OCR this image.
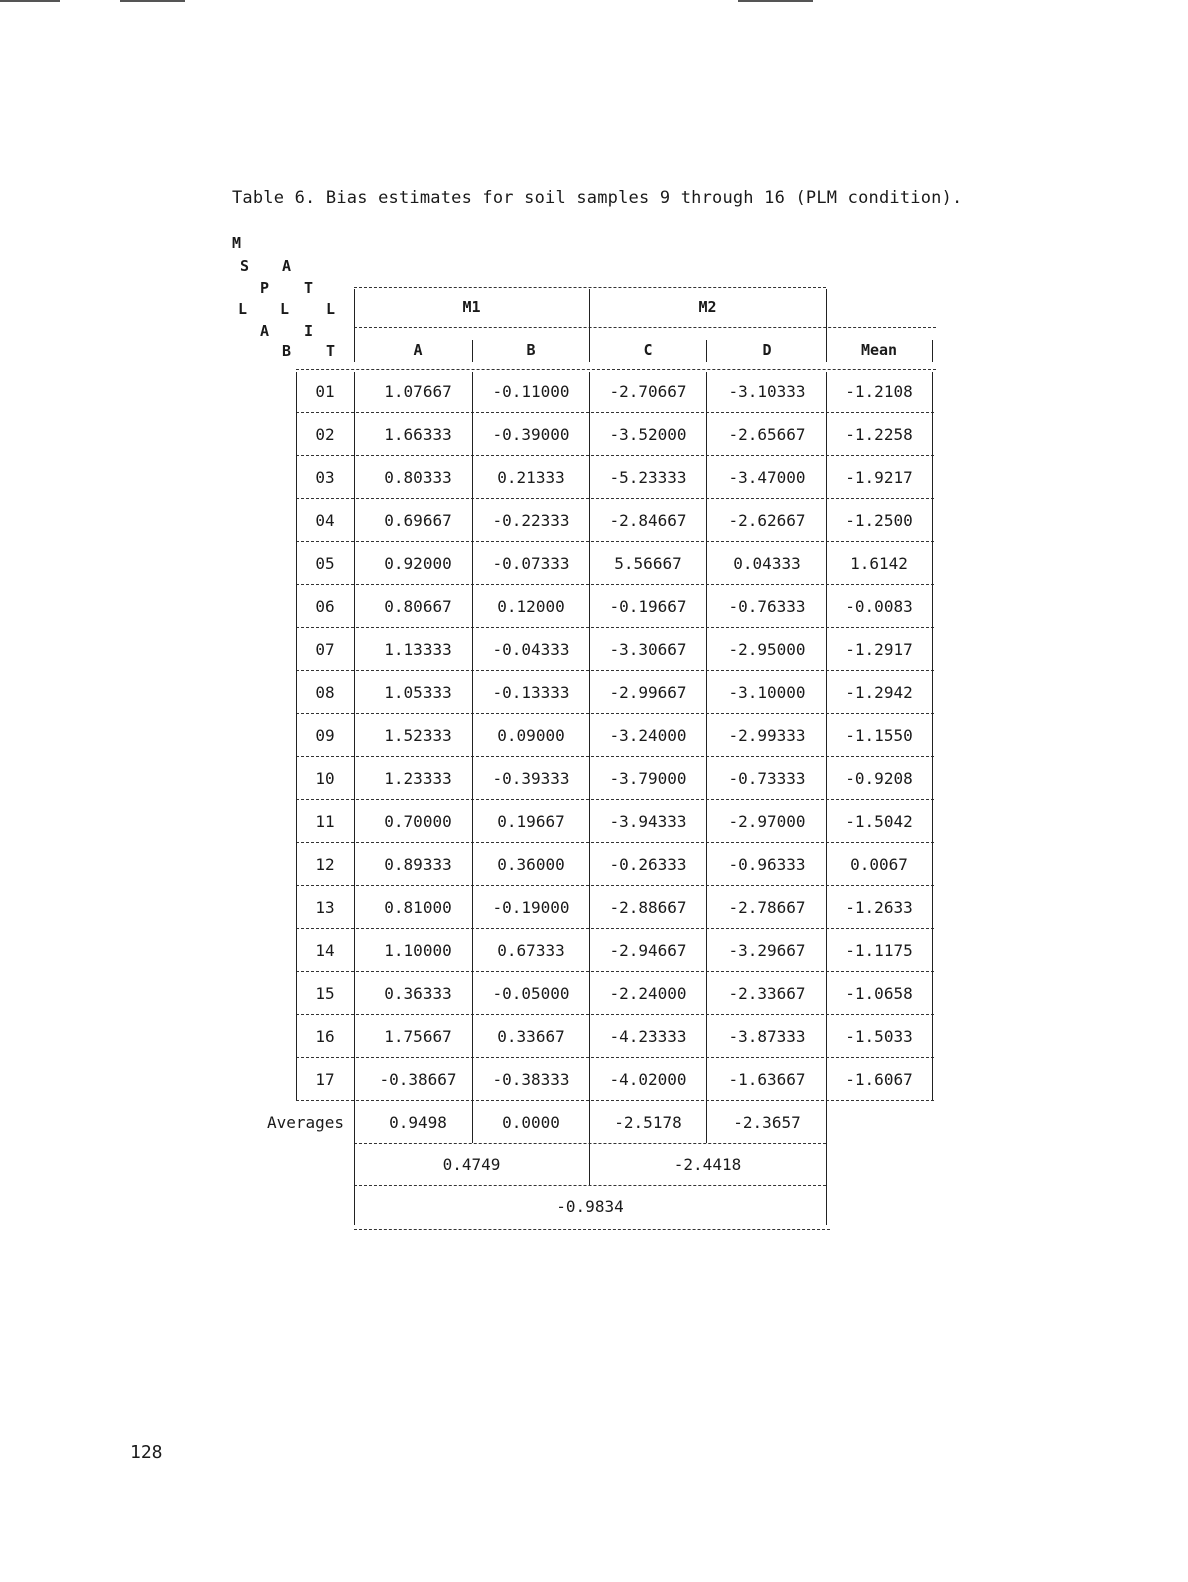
Table 6. Bias estimates for soil samples 9 through 16 (PLM condition).
M
S A
P T
L L L
A I
B T
M1	M2
A	B	C	D	Mean
01	1.07667	-0.11000	-2.70667	-3.10333	-1.2108
02	1.66333	-0.39000	-3.52000	-2.65667	-1.2258
03	0.80333	0.21333	-5.23333	-3.47000	-1.9217
04	0.69667	-0.22333	-2.84667	-2.62667	-1.2500
05	0.92000	-0.07333	5.56667	0.04333	1.6142
06	0.80667	0.12000	-0.19667	-0.76333	-0.0083
07	1.13333	-0.04333	-3.30667	-2.95000	-1.2917
08	1.05333	-0.13333	-2.99667	-3.10000	-1.2942
09	1.52333	0.09000	-3.24000	-2.99333	-1.1550
10	1.23333	-0.39333	-3.79000	-0.73333	-0.9208
11	0.70000	0.19667	-3.94333	-2.97000	-1.5042
12	0.89333	0.36000	-0.26333	-0.96333	0.0067
13	0.81000	-0.19000	-2.88667	-2.78667	-1.2633
14	1.10000	0.67333	-2.94667	-3.29667	-1.1175
15	0.36333	-0.05000	-2.24000	-2.33667	-1.0658
16	1.75667	0.33667	-4.23333	-3.87333	-1.5033
17	-0.38667	-0.38333	-4.02000	-1.63667	-1.6067
Averages	0.9498	0.0000	-2.5178	-2.3657
0.4749	-2.4418
-0.9834
128
